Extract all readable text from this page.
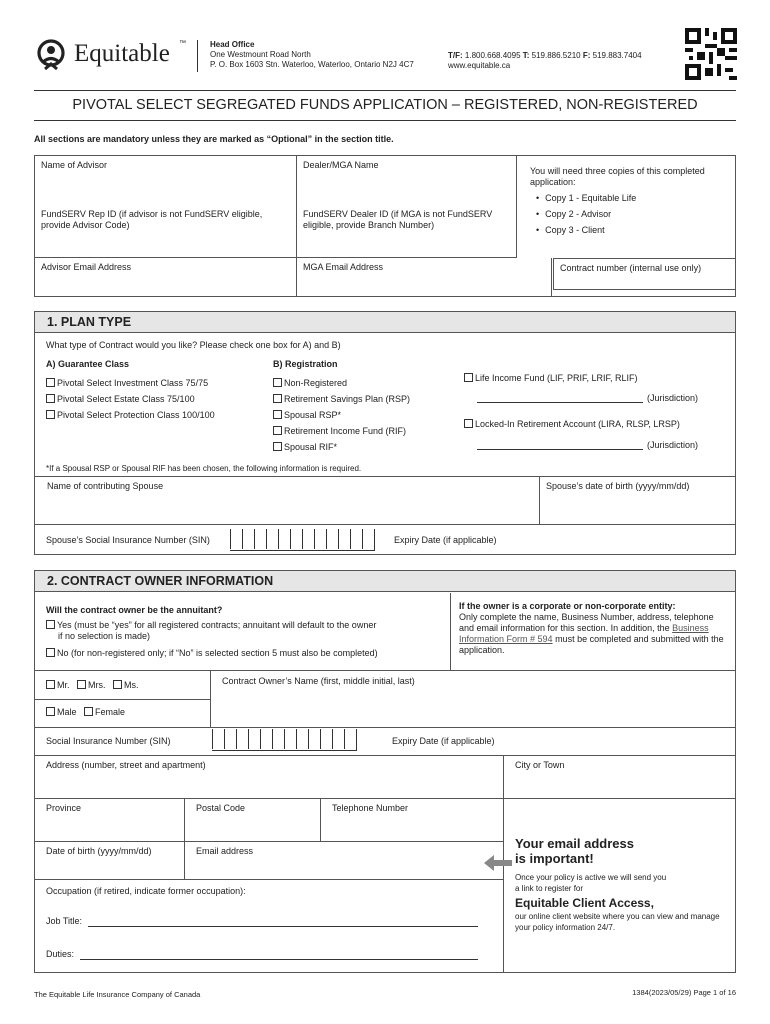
Equitable ™	Head Office
One Westmount Road North
P. O. Box 1603 Stn. Waterloo, Waterloo, Ontario N2J 4C7
T/F: 1.800.668.4095 T: 519.886.5210 F: 519.883.7404
www.equitable.ca
PIVOTAL SELECT SEGREGATED FUNDS APPLICATION – REGISTERED, NON-REGISTERED
All sections are mandatory unless they are marked as “Optional” in the section title.
Name of Advisor	Dealer/MGA Name
FundSERV Rep ID (if advisor is not FundSERV eligible, provide Advisor Code)
FundSERV Dealer ID (if MGA is not FundSERV eligible, provide Branch Number)
Advisor Email Address	MGA Email Address
You will need three copies of this completed application:
• Copy 1 - Equitable Life
• Copy 2 - Advisor
• Copy 3 - Client
Contract number (internal use only)
1. PLAN TYPE
What type of Contract would you like? Please check one box for A) and B)
A) Guarantee Class
Pivotal Select Investment Class 75/75
Pivotal Select Estate Class 75/100
Pivotal Select Protection Class 100/100
B) Registration
Non-Registered
Retirement Savings Plan (RSP)
Spousal RSP*
Retirement Income Fund (RIF)
Spousal RIF*
Life Income Fund (LIF, PRIF, LRIF, RLIF)
(Jurisdiction)
Locked-In Retirement Account (LIRA, RLSP, LRSP)
(Jurisdiction)
*If a Spousal RSP or Spousal RIF has been chosen, the following information is required.
Name of contributing Spouse	Spouse’s date of birth (yyyy/mm/dd)
Spouse’s Social Insurance Number (SIN)	Expiry Date (if applicable)
2. CONTRACT OWNER INFORMATION
Will the contract owner be the annuitant?
Yes (must be “yes” for all registered contracts; annuitant will default to the owner
if no selection is made)
No (for non-registered only; if “No” is selected section 5 must also be completed)
If the owner is a corporate or non-corporate entity:
Only complete the name, Business Number, address, telephone and email information for this section. In addition, the Business Information Form # 594 must be completed and submitted with the application.
Mr. Mrs. Ms.
Male Female
Contract Owner’s Name (first, middle initial, last)
Social Insurance Number (SIN)	Expiry Date (if applicable)
Address (number, street and apartment)	City or Town
Province	Postal Code	Telephone Number
Date of birth (yyyy/mm/dd)	Email address
Occupation (if retired, indicate former occupation):
Job Title:
Duties:
Your email address
is important!
Once your policy is active we will send you a link to register for
Equitable Client Access,
our online client website where you can view and manage your policy information 24/7.
The Equitable Life Insurance Company of Canada	1384(2023/05/29) Page 1 of 16
